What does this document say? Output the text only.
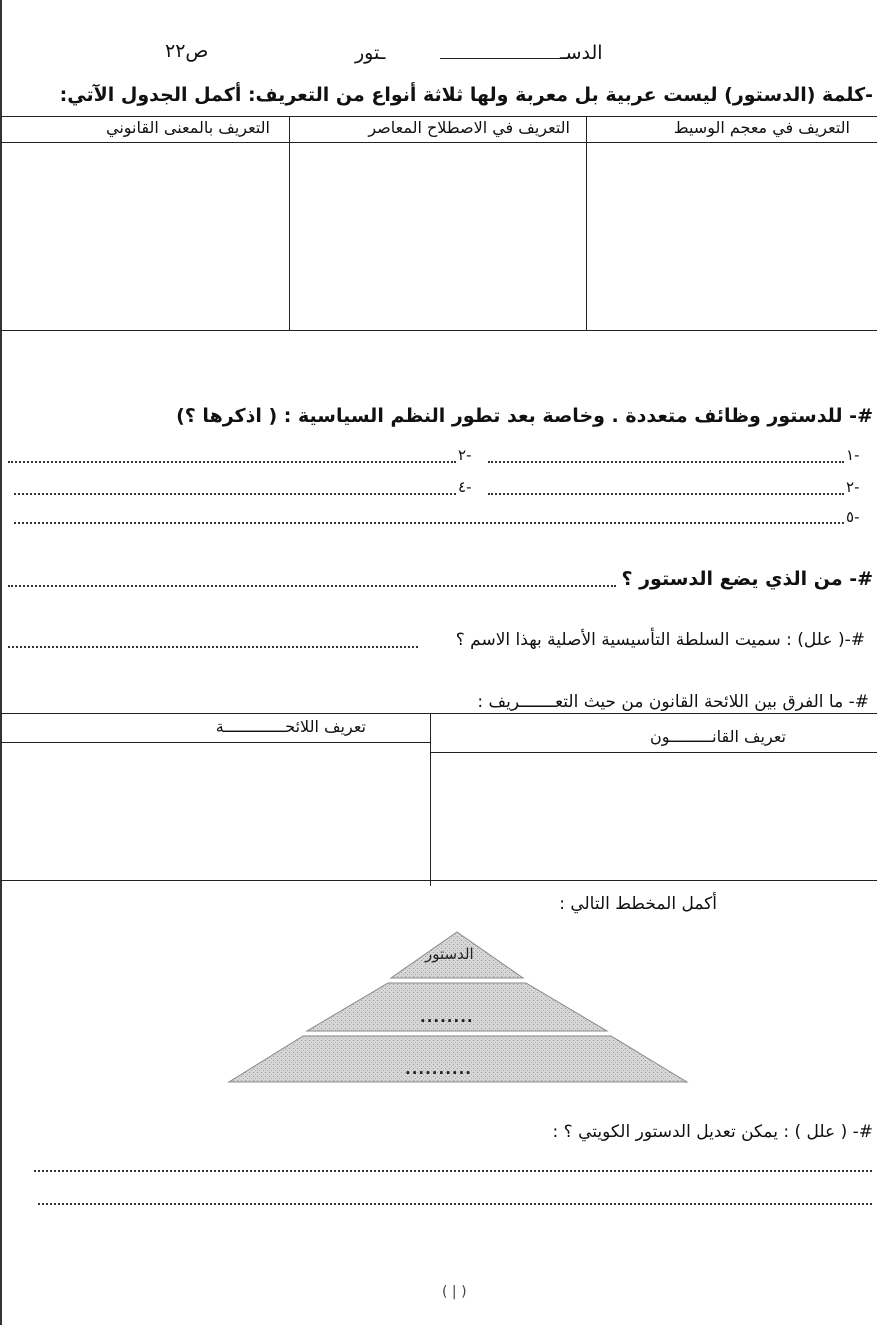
الدسـ
ـتور
ص٢٢
-كلمة (الدستور) ليست عربية بل معربة ولها ثلاثة أنواع من التعريف: أكمل الجدول الآتي:
التعريف في معجم الوسيط
التعريف في الاصطلاح المعاصر
التعريف بالمعنى القانوني
#- للدستور وظائف متعددة . وخاصة بعد تطور النظم السياسية : ( اذكرها ؟)
-١
-٢
-٢
-٤
-٥
#- من الذي يضع الدستور ؟
#-( علل) : سميت السلطة التأسيسية الأصلية بهذا الاسم ؟
#- ما الفرق بين اللائحة القانون من حيث التعـــــــريف :
تعريف القانـــــــــون
تعريف اللائحـــــــــــــة
أكمل المخطط التالي :
الدستور
........
..........
#- ( علل ) : يمكن تعديل الدستور الكويتي ؟ :
( | )
